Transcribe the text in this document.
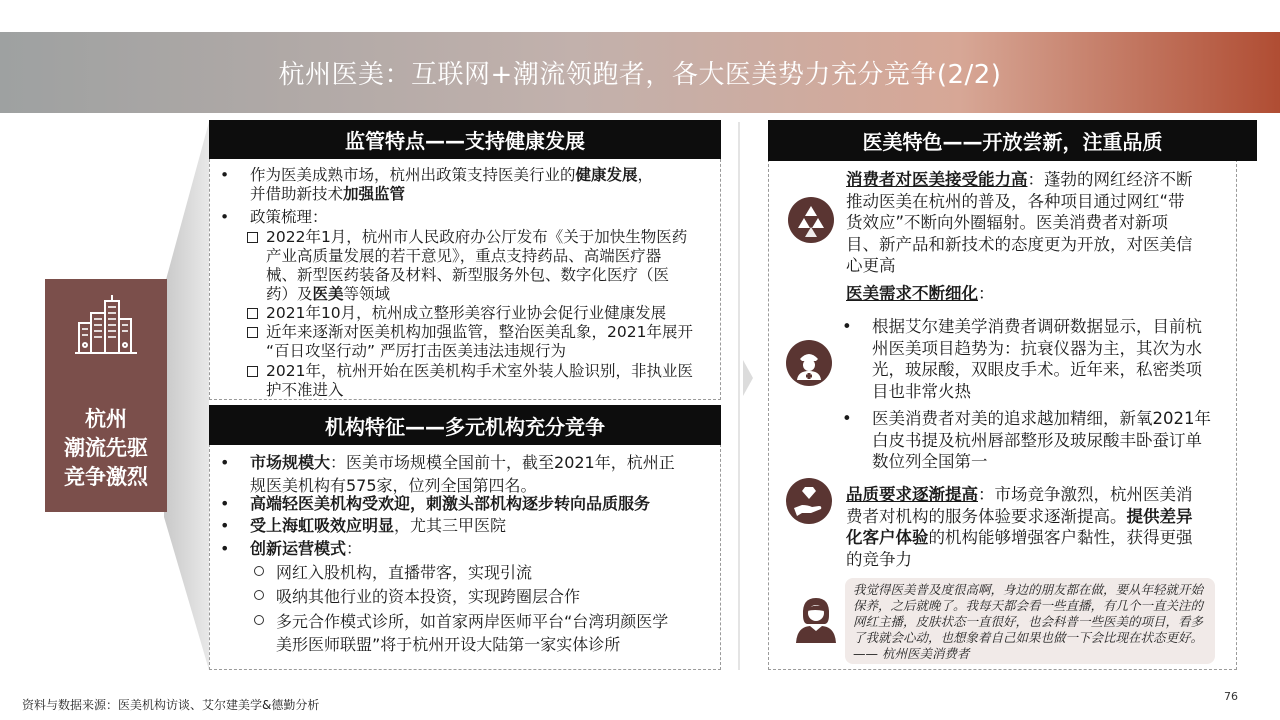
杭州医美：互联网+潮流领跑者，各大医美势力充分竞争(2/2)
杭州
潮流先驱
竞争激烈
监管特点——支持健康发展
• 作为医美成熟市场，杭州出政策支持医美行业的健康发展，
并借助新技术加强监管
• 政策梳理：
2022年1月，杭州市人民政府办公厅发布《关于加快生物医药
产业高质量发展的若干意见》，重点支持药品、高端医疗器
械、新型医药装备及材料、新型服务外包、数字化医疗（医
药）及医美等领域
2021年10月，杭州成立整形美容行业协会促行业健康发展
近年来逐渐对医美机构加强监管，整治医美乱象，2021年展开
“百日攻坚行动” 严厉打击医美违法违规行为
2021年，杭州开始在医美机构手术室外装人脸识别，非执业医
护不准进入
机构特征——多元机构充分竞争
• 市场规模大：医美市场规模全国前十，截至2021年，杭州正
规医美机构有575家，位列全国第四名。
• 高端轻医美机构受欢迎，刺激头部机构逐步转向品质服务
• 受上海虹吸效应明显，尤其三甲医院
• 创新运营模式：
网红入股机构，直播带客，实现引流
吸纳其他行业的资本投资，实现跨圈层合作
多元合作模式诊所，如首家两岸医师平台“台湾玥颜医学
美形医师联盟”将于杭州开设大陆第一家实体诊所
医美特色——开放尝新，注重品质
消费者对医美接受能力高：蓬勃的网红经济不断
推动医美在杭州的普及，各种项目通过网红“带
货效应”不断向外圈辐射。医美消费者对新项
目、新产品和新技术的态度更为开放，对医美信
心更高
医美需求不断细化：
• 根据艾尔建美学消费者调研数据显示，目前杭
州医美项目趋势为：抗衰仪器为主，其次为水
光，玻尿酸，双眼皮手术。近年来，私密类项
目也非常火热
• 医美消费者对美的追求越加精细，新氧2021年
白皮书提及杭州唇部整形及玻尿酸丰卧蚕订单
数位列全国第一
品质要求逐渐提高：市场竞争激烈，杭州医美消
费者对机构的服务体验要求逐渐提高。提供差异
化客户体验的机构能够增强客户黏性，获得更强
的竞争力

我觉得医美普及度很高啊，身边的朋友都在做，要从年轻就开始保养，之后就晚了。我每天都会看一些直播，有几个一直关注的网红主播，皮肤状态一直很好，也会科普一些医美的项目，看多了我就会心动，也想象着自己如果也做一下会比现在状态更好。—— 杭州医美消费者

资料与数据来源：医美机构访谈、艾尔建美学&德勤分析
76
